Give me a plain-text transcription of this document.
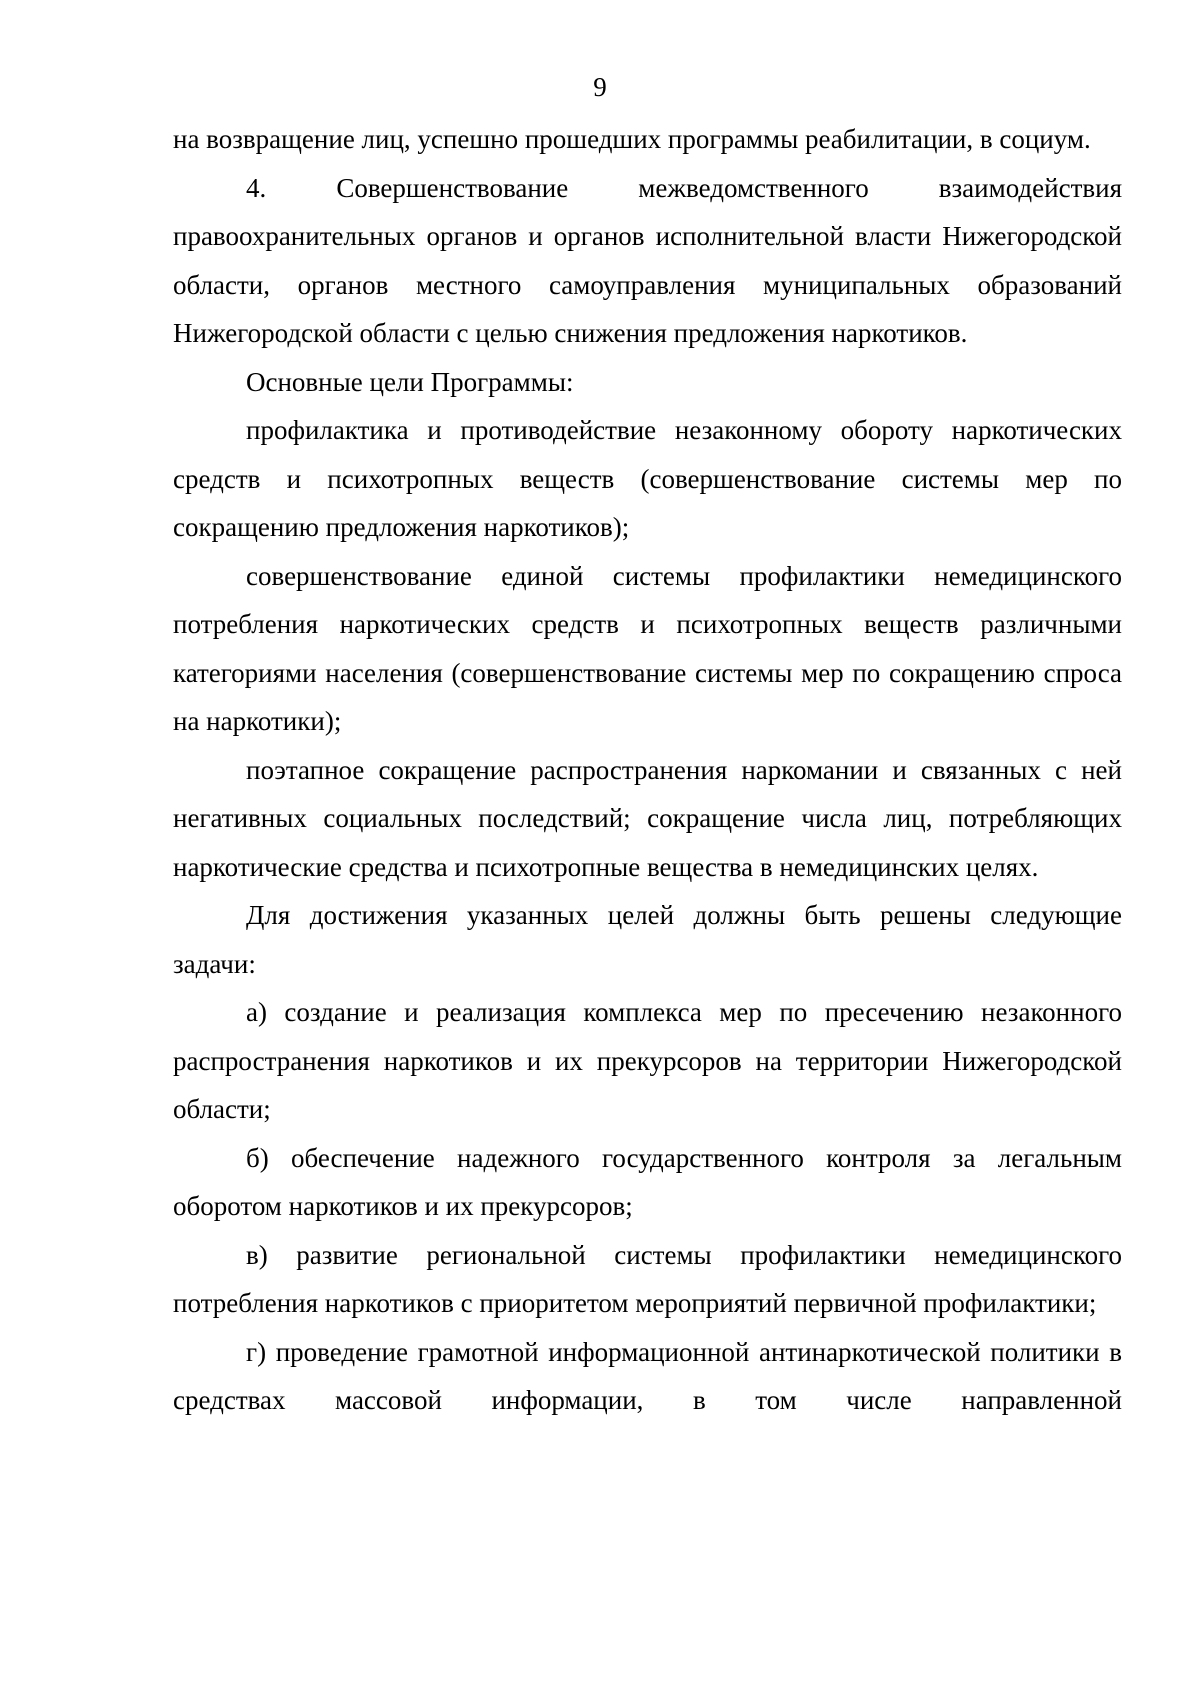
9

на возвращение лиц, успешно прошедших программы реабилитации, в социум.

4. Совершенствование межведомственного взаимодействия правоохранительных органов и органов исполнительной власти Нижегородской области, органов местного самоуправления муниципальных образований Нижегородской области с целью снижения предложения наркотиков.

Основные цели Программы:

профилактика и противодействие незаконному обороту наркотических средств и психотропных веществ (совершенствование системы мер по сокращению предложения наркотиков);

совершенствование единой системы профилактики немедицинского потребления наркотических средств и психотропных веществ различными категориями населения (совершенствование системы мер по сокращению спроса на наркотики);

поэтапное сокращение распространения наркомании и связанных с ней негативных социальных последствий; сокращение числа лиц, потребляющих наркотические средства и психотропные вещества в немедицинских целях.

Для достижения указанных целей должны быть решены следующие задачи:

а) создание и реализация комплекса мер по пресечению незаконного распространения наркотиков и их прекурсоров на территории Нижегородской области;

б) обеспечение надежного государственного контроля за легальным оборотом наркотиков и их прекурсоров;

в) развитие региональной системы профилактики немедицинского потребления наркотиков с приоритетом мероприятий первичной профилактики;

г) проведение грамотной информационной антинаркотической политики в средствах массовой информации, в том числе направленной
